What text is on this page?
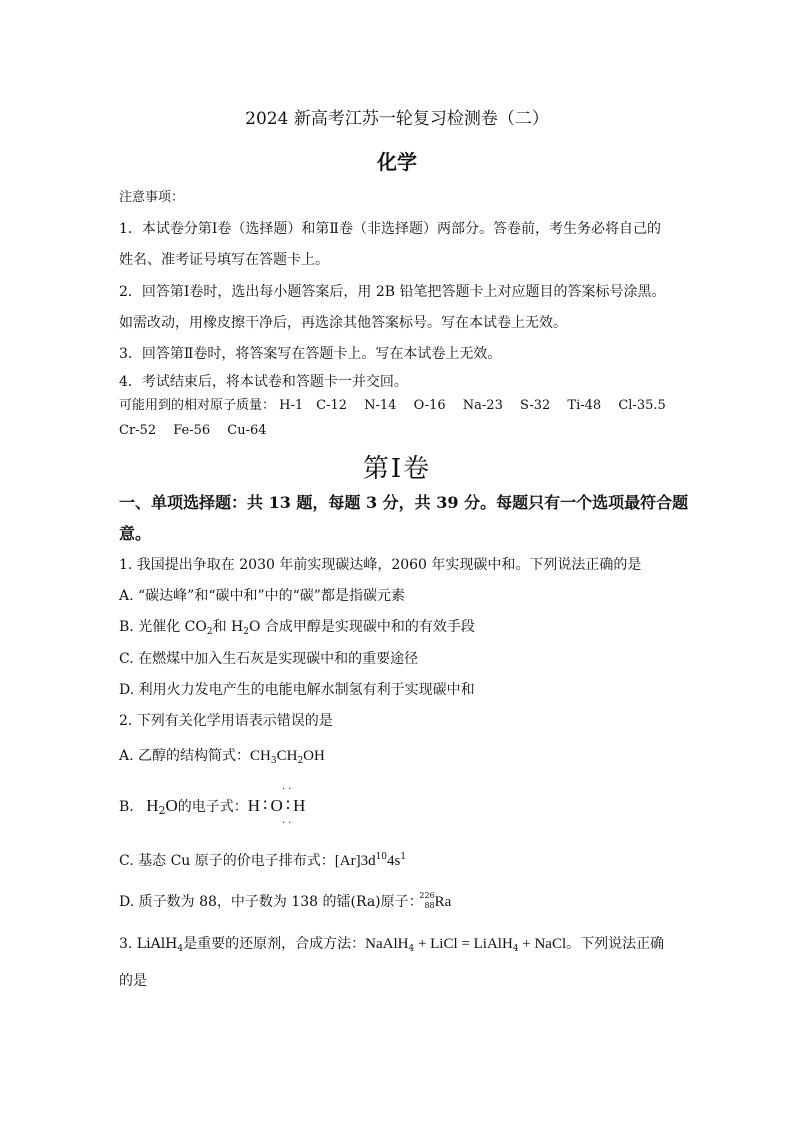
2024 新高考江苏一轮复习检测卷（二）
化学
注意事项：
1．本试卷分第Ⅰ卷（选择题）和第Ⅱ卷（非选择题）两部分。答卷前，考生务必将自己的
姓名、准考证号填写在答题卡上。
2．回答第Ⅰ卷时，选出每小题答案后，用 2B 铅笔把答题卡上对应题目的答案标号涂黑。
如需改动，用橡皮擦干净后，再选涂其他答案标号。写在本试卷上无效。
3．回答第Ⅱ卷时，将答案写在答题卡上。写在本试卷上无效。
4．考试结束后，将本试卷和答题卡一并交回。
可能用到的相对原子质量： H-1　C-12　 N-14　 O-16　 Na-23　 S-32　 Ti-48　 Cl-35.5
Cr-52　 Fe-56　 Cu-64
第Ⅰ卷
一、单项选择题：共 13 题，每题 3 分，共 39 分。每题只有一个选项最符合题
意。
1. 我国提出争取在 2030 年前实现碳达峰，2060 年实现碳中和。下列说法正确的是
A. “碳达峰”和“碳中和”中的“碳”都是指碳元素
B. 光催化 $CO_2$和 $H_2O$ 合成甲醇是实现碳中和的有效手段
C. 在燃煤中加入生石灰是实现碳中和的重要途径
D. 利用火力发电产生的电能电解水制氢有利于实现碳中和
2. 下列有关化学用语表示错误的是
A. 乙醇的结构简式：$CH_3CH_2OH$
B. $H_2O$的电子式：H∶O∶H
··
··
C. 基态 Cu 原子的价电子排布式：$[Ar]3d^{10}4s^1$
D. 质子数为 88，中子数为 138 的镭(Ra)原子：
226
88 Ra
3. LiAlH$_4$是重要的还原剂，合成方法：NaAlH$_4$ + LiCl = LiAlH$_4$ + NaCl。下列说法正确
的是
